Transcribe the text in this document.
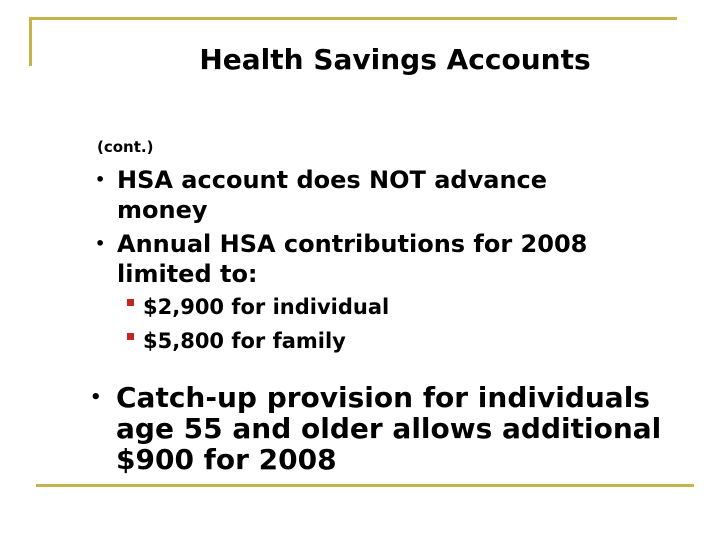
Health Savings Accounts
(cont.)
• HSA account does NOT advance
money
• Annual HSA contributions for 2008
limited to:
$2,900 for individual
$5,800 for family
• Catch-up provision for individuals
age 55 and older allows additional
$900 for 2008
